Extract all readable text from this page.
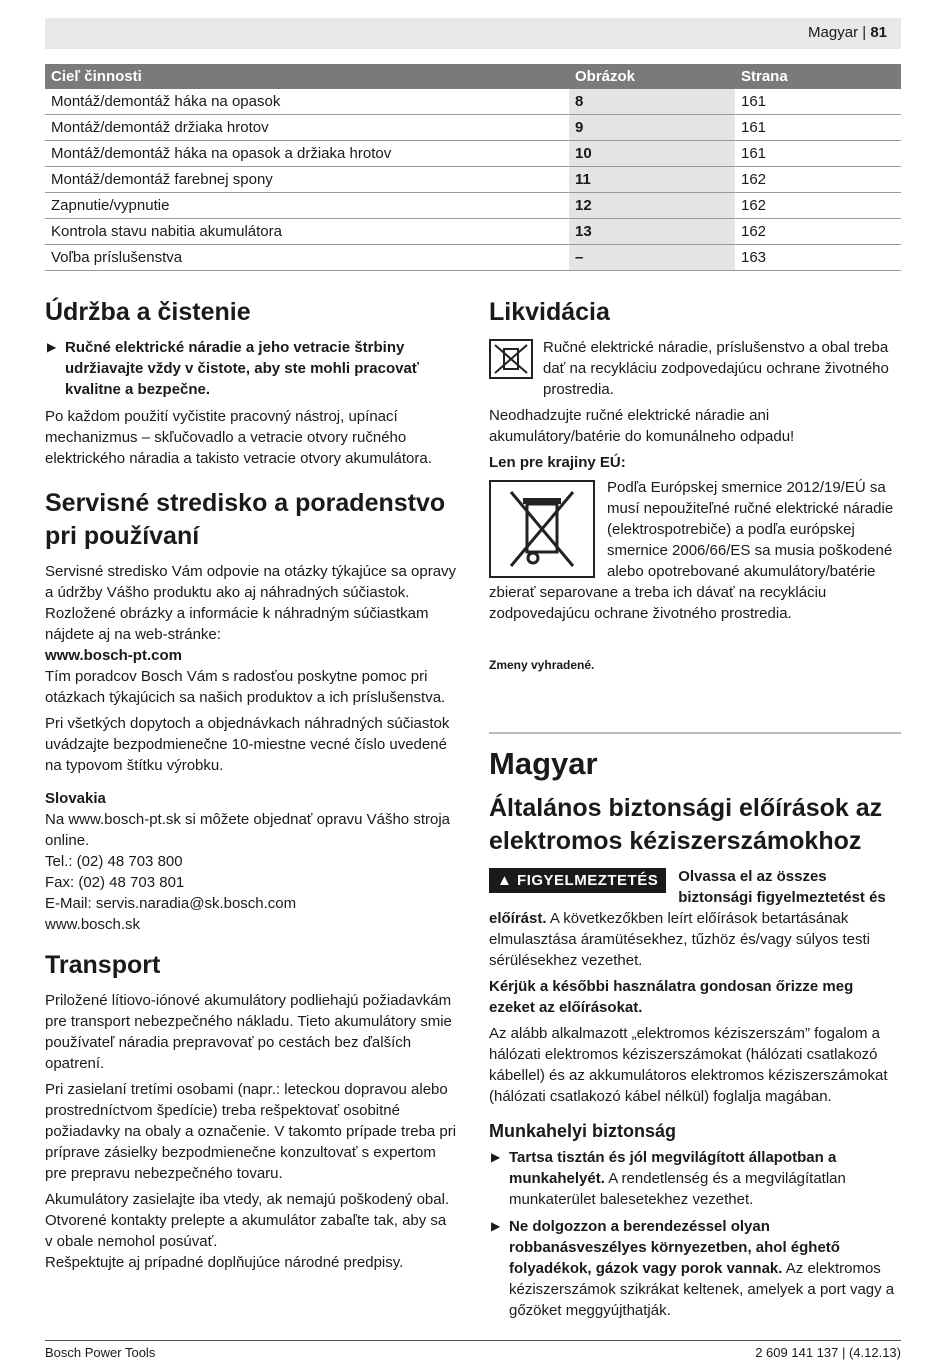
Magyar | 81
Cieľ činnosti	Obrázok	Strana
Montáž/demontáž háka na opasok	8	161
Montáž/demontáž držiaka hrotov	9	161
Montáž/demontáž háka na opasok a držiaka hrotov	10	161
Montáž/demontáž farebnej spony	11	162
Zapnutie/vypnutie	12	162
Kontrola stavu nabitia akumulátora	13	162
Voľba príslušenstva	–	163
Údržba a čistenie
▶ Ručné elektrické náradie a jeho vetracie štrbiny udržiavajte vždy v čistote, aby ste mohli pracovať kvalitne a bezpečne.

Po každom použití vyčistite pracovný nástroj, upínací mechanizmus – skľučovadlo a vetracie otvory ručného elektrického náradia a takisto vetracie otvory akumulátora.

Servisné stredisko a poradenstvo pri používaní

Servisné stredisko Vám odpovie na otázky týkajúce sa opravy a údržby Vášho produktu ako aj náhradných súčiastok. Rozložené obrázky a informácie k náhradným súčiastkam nájdete aj na web-stránke:

www.bosch-pt.com

Tím poradcov Bosch Vám s radosťou poskytne pomoc pri otázkach týkajúcich sa našich produktov a ich príslušenstva.

Pri všetkých dopytoch a objednávkach náhradných súčiastok uvádzajte bezpodmienečne 10-miestne vecné číslo uvedené na typovom štítku výrobku.

Slovakia

Na www.bosch-pt.sk si môžete objednať opravu Vášho stroja online.

Tel.: (02) 48 703 800

Fax: (02) 48 703 801

E-Mail: servis.naradia@sk.bosch.com

www.bosch.sk

Transport

Priložené lítiovo-iónové akumulátory podliehajú požiadavkám pre transport nebezpečného nákladu. Tieto akumulátory smie používateľ náradia prepravovať po cestách bez ďalších opatrení.

Pri zasielaní tretími osobami (napr.: leteckou dopravou alebo prostredníctvom špedície) treba rešpektovať osobitné požiadavky na obaly a označenie. V takomto prípade treba pri príprave zásielky bezpodmienečne konzultovať s expertom pre prepravu nebezpečného tovaru.

Akumulátory zasielajte iba vtedy, ak nemajú poškodený obal. Otvorené kontakty prelepte a akumulátor zabaľte tak, aby sa v obale nemohol posúvať.

Rešpektujte aj prípadné doplňujúce národné predpisy.

Likvidácia

Ručné elektrické náradie, príslušenstvo a obal treba dať na recykláciu zodpovedajúcu ochrane životného prostredia.

Neodhadzujte ručné elektrické náradie ani akumulátory/batérie do komunálneho odpadu!

Len pre krajiny EÚ:

Podľa Európskej smernice 2012/19/EÚ sa musí nepoužiteľné ručné elektrické náradie (elektrospotrebiče) a podľa európskej smernice 2006/66/ES sa musia poškodené alebo opotrebované akumulátory/batérie zbierať separovane a treba ich dávať na recykláciu zodpovedajúcu ochrane životného prostredia.

Zmeny vyhradené.

Magyar
Általános biztonsági előírások az elektromos kéziszerszámokhoz
▲ FIGYELMEZTETÉS	Olvassa el az összes biztonsági figyelmeztetést és előírást. A következőkben leírt előírások betartásának elmulasztása áramütésekhez, tűzhöz és/vagy súlyos testi sérülésekhez vezethet.

Kérjük a későbbi használatra gondosan őrizze meg ezeket az előírásokat.

Az alább alkalmazott „elektromos kéziszerszám” fogalom a hálózati elektromos kéziszerszámokat (hálózati csatlakozó kábellel) és az akkumulátoros elektromos kéziszerszámokat (hálózati csatlakozó kábel nélkül) foglalja magában.

Munkahelyi biztonság
▶ Tartsa tisztán és jól megvilágított állapotban a munkahelyét. A rendetlenség és a megvilágítatlan munkaterület balesetekhez vezethet.
▶ Ne dolgozzon a berendezéssel olyan robbanásveszélyes környezetben, ahol éghető folyadékok, gázok vagy porok vannak. Az elektromos kéziszerszámok szikrákat keltenek, amelyek a port vagy a gőzöket meggyújthatják.
Bosch Power Tools	2 609 141 137 | (4.12.13)
